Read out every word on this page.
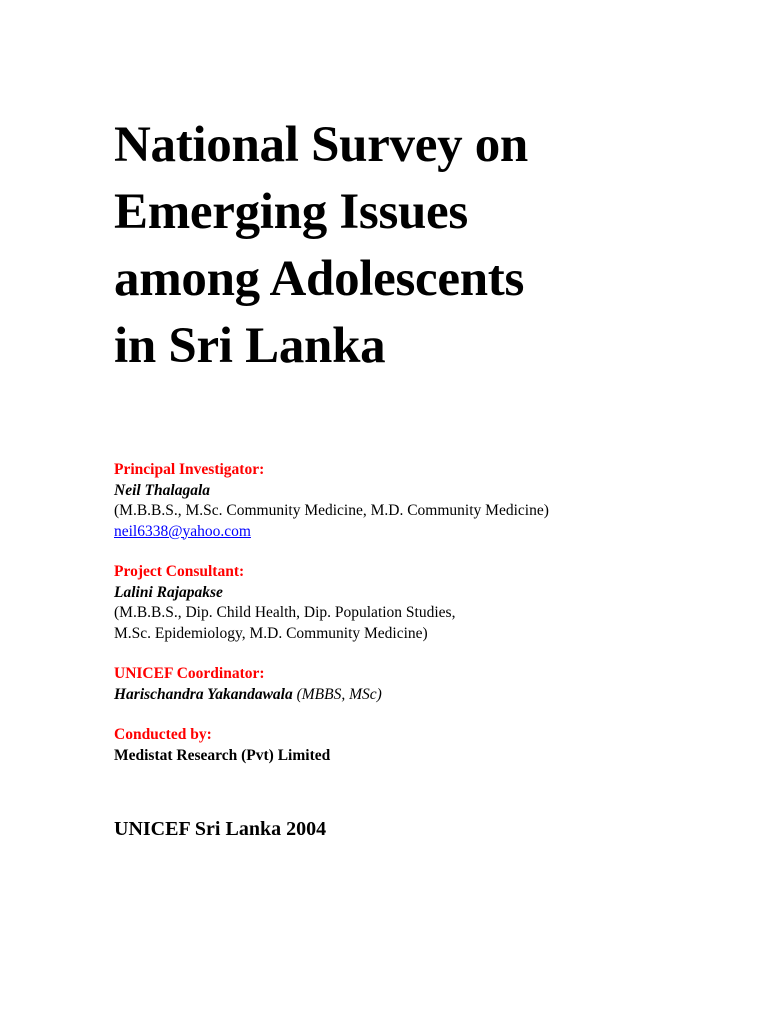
National Survey on
Emerging Issues
among Adolescents
in Sri Lanka
Principal Investigator:
Neil Thalagala
(M.B.B.S., M.Sc. Community Medicine, M.D. Community Medicine)
neil6338@yahoo.com
Project Consultant:
Lalini Rajapakse
(M.B.B.S., Dip. Child Health, Dip. Population Studies,
M.Sc. Epidemiology, M.D. Community Medicine)
UNICEF Coordinator:
Harischandra Yakandawala (MBBS, MSc)
Conducted by:
Medistat Research (Pvt) Limited
UNICEF Sri Lanka 2004
